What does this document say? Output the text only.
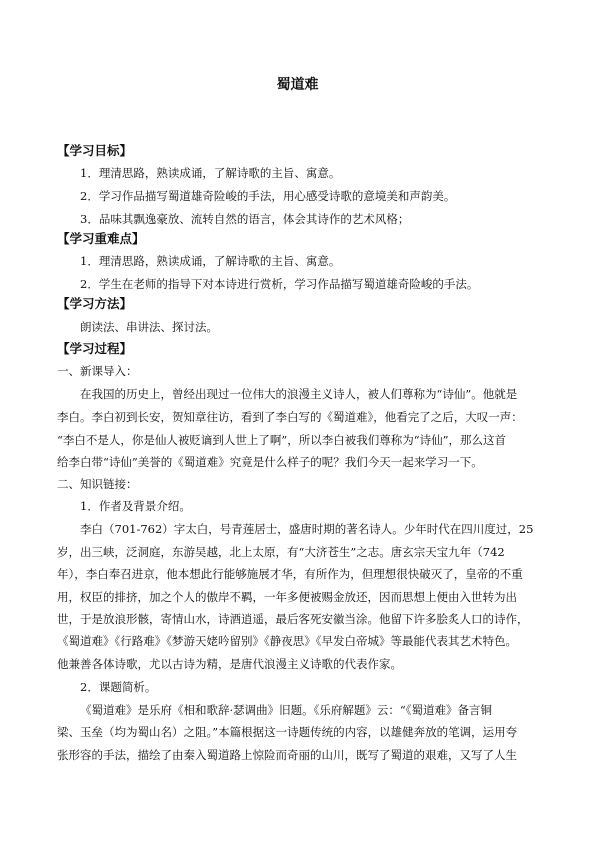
蜀道难
【学习目标】
1．理清思路，熟读成诵，了解诗歌的主旨、寓意。
2．学习作品描写蜀道雄奇险峻的手法，用心感受诗歌的意境美和声韵美。
3．品味其飘逸豪放、流转自然的语言，体会其诗作的艺术风格；
【学习重难点】
1．理清思路，熟读成诵，了解诗歌的主旨、寓意。
2．学生在老师的指导下对本诗进行赏析，学习作品描写蜀道雄奇险峻的手法。
【学习方法】
朗读法、串讲法、探讨法。
【学习过程】
一、新课导入：
在我国的历史上，曾经出现过一位伟大的浪漫主义诗人，被人们尊称为“诗仙”。他就是
李白。李白初到长安，贺知章往访，看到了李白写的《蜀道难》，他看完了之后，大叹一声：
“李白不是人，你是仙人被贬谪到人世上了啊”，所以李白被我们尊称为“诗仙”，那么这首
给李白带“诗仙”美誉的《蜀道难》究竟是什么样子的呢？我们今天一起来学习一下。
二、知识链接：
1．作者及背景介绍。
李白（701-762）字太白，号青莲居士，盛唐时期的著名诗人。少年时代在四川度过，25
岁，出三峡，泛洞庭，东游吴越，北上太原，有“大济苍生”之志。唐玄宗天宝九年（742
年），李白奉召进京，他本想此行能够施展才华，有所作为，但理想很快破灭了，皇帝的不重
用，权臣的排挤，加之个人的傲岸不羁，一年多便被赐金放还，因而思想上便由入世转为出
世，于是放浪形骸，寄情山水，诗酒逍遥，最后客死安徽当涂。他留下许多脍炙人口的诗作，
《蜀道难》《行路难》《梦游天姥吟留别》《静夜思》《早发白帝城》等最能代表其艺术特色。
他兼善各体诗歌，尤以古诗为精，是唐代浪漫主义诗歌的代表作家。
2．课题简析。
《蜀道难》是乐府《相和歌辞·瑟调曲》旧题。《乐府解题》云：“《蜀道难》备言铜
梁、玉垒（均为蜀山名）之阻。”本篇根据这一诗题传统的内容，以雄健奔放的笔调，运用夸
张形容的手法，描绘了由秦入蜀道路上惊险而奇丽的山川，既写了蜀道的艰难，又写了人生
